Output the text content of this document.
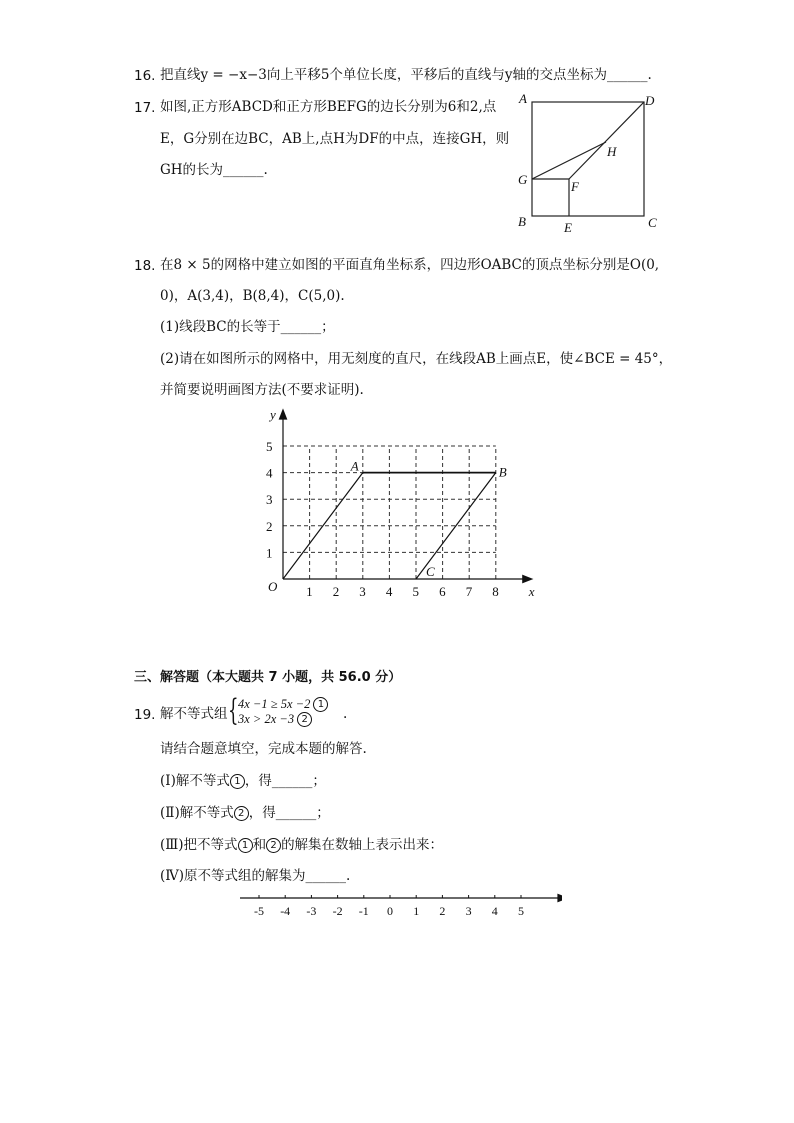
16. 把直线y = −x−3向上平移5个单位长度，平移后的直线与y轴的交点坐标为______.
17. 如图,正方形ABCD和正方形BEFG的边长分别为6和2,点
E，G分别在边BC，AB上,点H为DF的中点，连接GH，则
GH的长为______.
A	D
H
G	F
B	C
E
18. 在8 × 5的网格中建立如图的平面直角坐标系，四边形OABC的顶点坐标分别是O(0,
0)，A(3,4)，B(8,4)，C(5,0).
(1)线段BC的长等于______；
(2)请在如图所示的网格中，用无刻度的直尺，在线段AB上画点E，使∠BCE = 45°，
并简要说明画图方法(不要求证明).
1 2 3 4 5 6 7 8 x
O
1
2
3
4
5
y
A	B
C
三、解答题（本大题共 7 小题，共 56.0 分）
19. 解不等式组 { 4x −1 ≥ 5x −2 1
3x > 2x −3 2	.
请结合题意填空，完成本题的解答.
(Ⅰ)解不等式 1 ，得______；
(Ⅱ)解不等式 2 ，得______；
(Ⅲ)把不等式 1 和 2 的解集在数轴上表示出来：
(Ⅳ)原不等式组的解集为______.
-5 -4 -3 -2 -1 0 1 2 3 4 5
